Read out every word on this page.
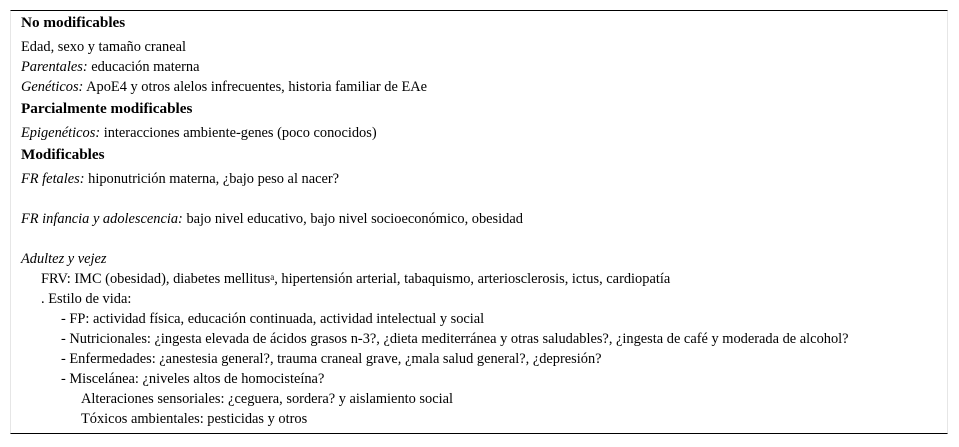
No modificables
Edad, sexo y tamaño craneal
Parentales: educación materna
Genéticos: ApoE4 y otros alelos infrecuentes, historia familiar de EAe
Parcialmente modificables
Epigenéticos: interacciones ambiente-genes (poco conocidos)
Modificables
FR fetales: hiponutrición materna, ¿bajo peso al nacer?
FR infancia y adolescencia: bajo nivel educativo, bajo nivel socioeconómico, obesidad
Adultez y vejez
FRV: IMC (obesidad), diabetes mellitus$^a$, hipertensión arterial, tabaquismo, arteriosclerosis, ictus, cardiopatía
. Estilo de vida:
- FP: actividad física, educación continuada, actividad intelectual y social
- Nutricionales: ¿ingesta elevada de ácidos grasos n-3?, ¿dieta mediterránea y otras saludables?, ¿ingesta de café y moderada de alcohol?
- Enfermedades: ¿anestesia general?, trauma craneal grave, ¿mala salud general?, ¿depresión?
- Miscelánea: ¿niveles altos de homocisteína?
Alteraciones sensoriales: ¿ceguera, sordera? y aislamiento social
Tóxicos ambientales: pesticidas y otros
